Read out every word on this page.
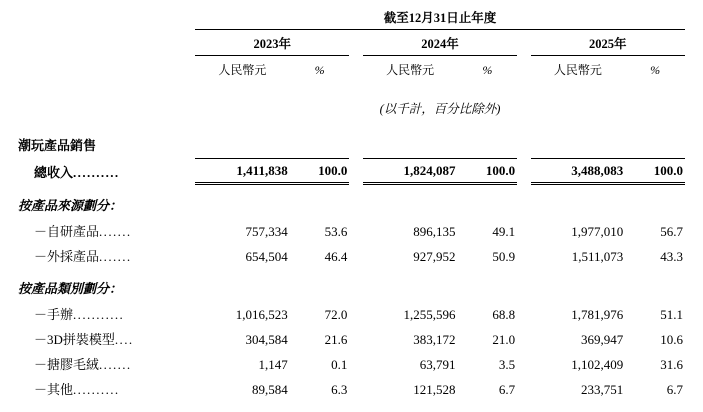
	截至12月31日止年度							
	2023年			2024年			2025年	
	人民幣元	%		人民幣元	%		人民幣元	%
	(以千計，百分比除外)							
潮玩產品銷售								
總收入..........	1,411,838	100.0		1,824,087	100.0		3,488,083	100.0
按產品來源劃分：								
－自研產品.......	757,334	53.6		896,135	49.1		1,977,010	56.7
－外採產品.......	654,504	46.4		927,952	50.9		1,511,073	43.3
按產品類別劃分：								
－手辦...........	1,016,523	72.0		1,255,596	68.8		1,781,976	51.1
－3D拼裝模型....	304,584	21.6		383,172	21.0		369,947	10.6
－搪膠毛絨.......	1,147	0.1		63,791	3.5		1,102,409	31.6
－其他..........	89,584	6.3		121,528	6.7		233,751	6.7
